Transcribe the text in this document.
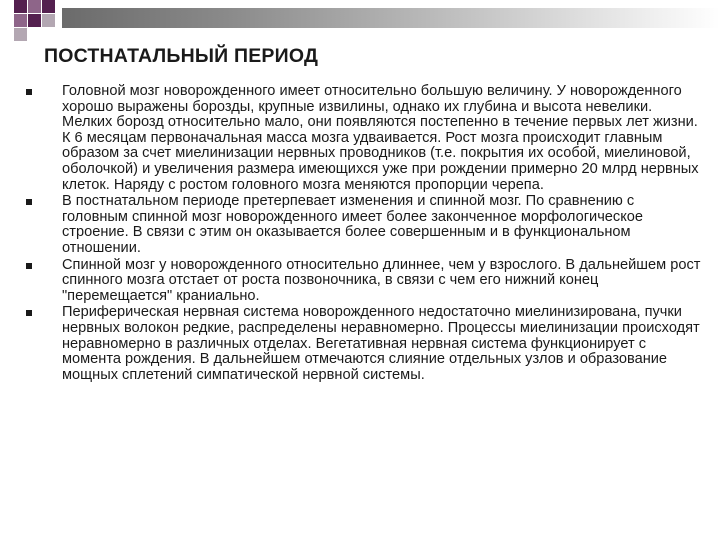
ПОСТНАТАЛЬНЫЙ ПЕРИОД

Головной мозг новорожденного имеет относительно большую величину. У новорожденного хорошо выражены борозды, крупные извилины, однако их глубина и высота невелики. Мелких борозд относительно мало, они появляются постепенно в течение первых лет жизни. К 6 месяцам первоначальная масса мозга удваивается. Рост мозга происходит главным образом за счет миелинизации нервных проводников (т.е. покрытия их особой, миелиновой, оболочкой) и увеличения размера имеющихся уже при рождении примерно 20 млрд нервных клеток. Наряду с ростом головного мозга меняются пропорции черепа.

В постнатальном периоде претерпевает изменения и спинной мозг. По сравнению с головным спинной мозг новорожденного имеет более законченное морфологическое строение. В связи с этим он оказывается более совершенным и в функциональном отношении.

Спинной мозг у новорожденного относительно длиннее, чем у взрослого. В дальнейшем рост спинного мозга отстает от роста позвоночника, в связи с чем его нижний конец "перемещается" краниально.

Периферическая нервная система новорожденного недостаточно миелинизирована, пучки нервных волокон редкие, распределены неравномерно. Процессы миелинизации происходят неравномерно в различных отделах. Вегетативная нервная система функционирует с момента рождения. В дальнейшем отмечаются слияние отдельных узлов и образование мощных сплетений симпатической нервной системы.
